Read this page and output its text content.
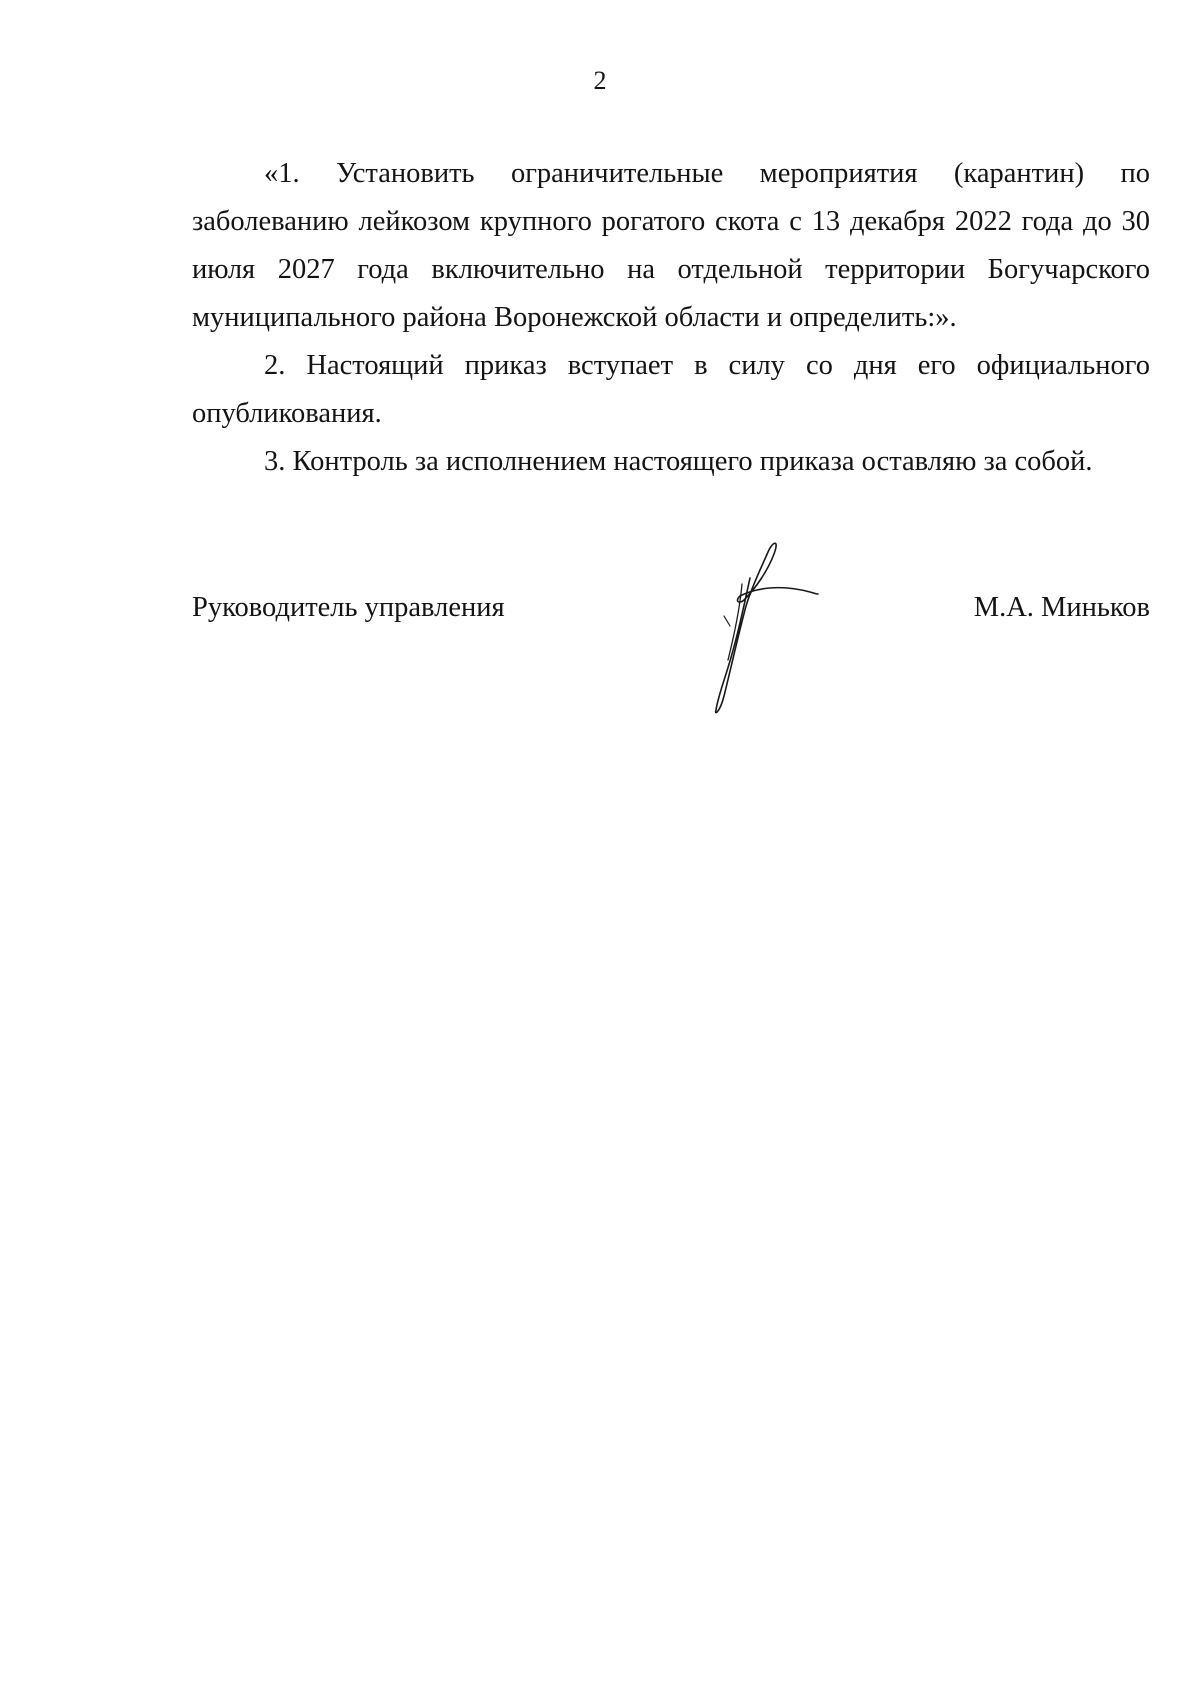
2

«1. Установить ограничительные мероприятия (карантин) по заболеванию лейкозом крупного рогатого скота с 13 декабря 2022 года до 30 июля 2027 года включительно на отдельной территории Богучарского муниципального района Воронежской области и определить:».

2. Настоящий приказ вступает в силу со дня его официального опубликования.

3. Контроль за исполнением настоящего приказа оставляю за собой.

Руководитель управления	М.А. Миньков
